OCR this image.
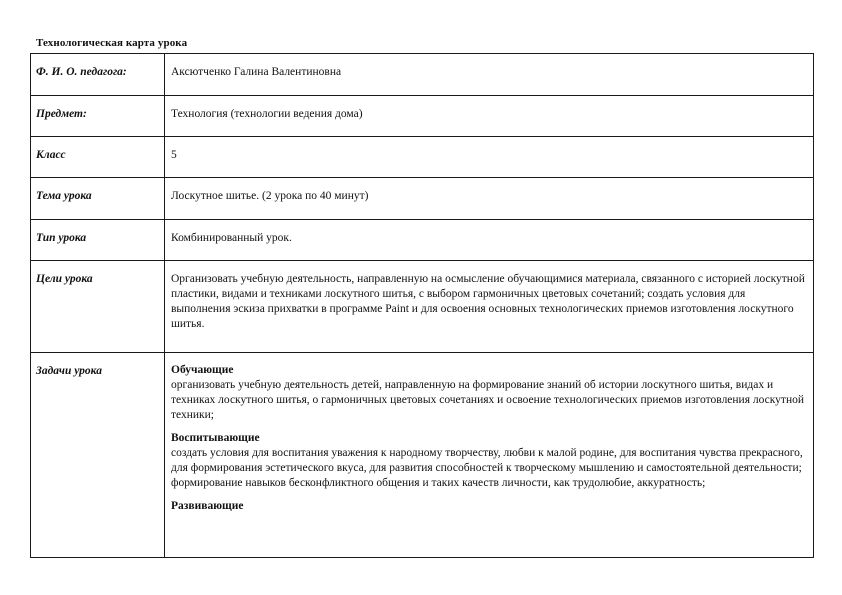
Технологическая карта урока
Ф. И. О. педагога:	Аксютченко Галина Валентиновна

Предмет:	Технология (технологии ведения дома)

Класс	5

Тема урока	Лоскутное шитье. (2 урока по 40 минут)

Тип урока	Комбинированный урок.

Цели урока	Организовать учебную деятельность, направленную на осмысление обучающимися материала, связанного с историей лоскутной пластики, видами и техниками лоскутного шитья, с выбором гармоничных цветовых сочетаний; создать условия для выполнения эскиза прихватки в программе Paint и для освоения основных технологических приемов изготовления лоскутного шитья.

Задачи урока	Обучающие
организовать учебную деятельность детей, направленную на формирование знаний об истории лоскутного шитья, видах и техниках лоскутного шитья, о гармоничных цветовых сочетаниях и освоение технологических приемов изготовления лоскутной техники;
Воспитывающие
создать условия для воспитания уважения к народному творчеству, любви к малой родине, для воспитания чувства прекрасного, для формирования эстетического вкуса, для развития способностей к творческому мышлению и самостоятельной деятельности; формирование навыков бесконфликтного общения и таких качеств личности, как трудолюбие, аккуратность;
Развивающие
